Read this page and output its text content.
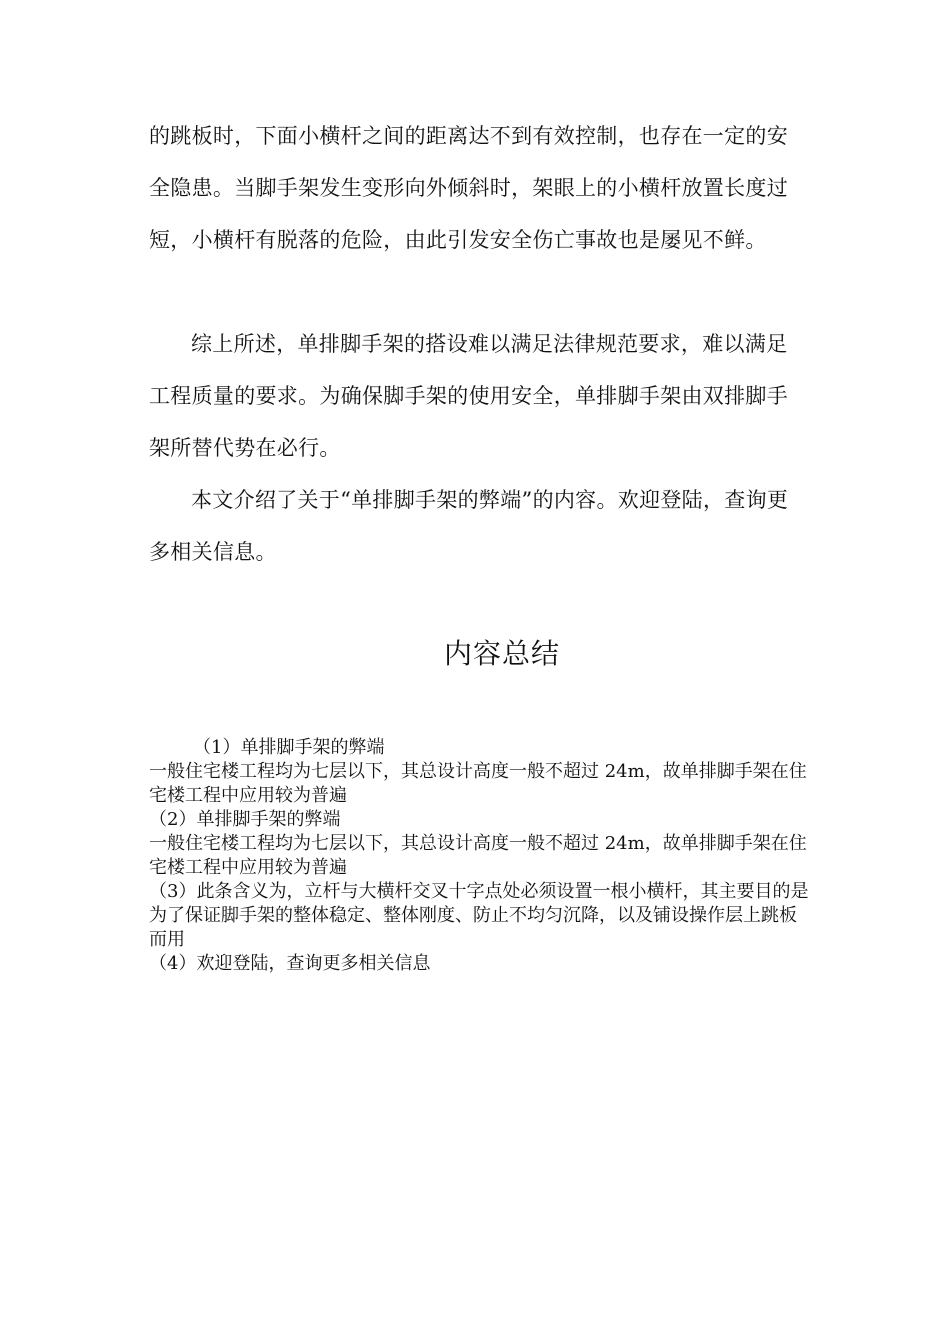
的跳板时，下面小横杆之间的距离达不到有效控制，也存在一定的安全隐患。当脚手架发生变形向外倾斜时，架眼上的小横杆放置长度过短，小横杆有脱落的危险，由此引发安全伤亡事故也是屡见不鲜。

综上所述，单排脚手架的搭设难以满足法律规范要求，难以满足工程质量的要求。为确保脚手架的使用安全，单排脚手架由双排脚手架所替代势在必行。

本文介绍了关于“单排脚手架的弊端”的内容。欢迎登陆，查询更多相关信息。

内容总结
（1）单排脚手架的弊端
一般住宅楼工程均为七层以下，其总设计高度一般不超过 24m，故单排脚手架在住宅楼工程中应用较为普遍
（2）单排脚手架的弊端
一般住宅楼工程均为七层以下，其总设计高度一般不超过 24m，故单排脚手架在住宅楼工程中应用较为普遍
（3）此条含义为，立杆与大横杆交叉十字点处必须设置一根小横杆，其主要目的是为了保证脚手架的整体稳定、整体刚度、防止不均匀沉降，以及铺设操作层上跳板而用
（4）欢迎登陆，查询更多相关信息
